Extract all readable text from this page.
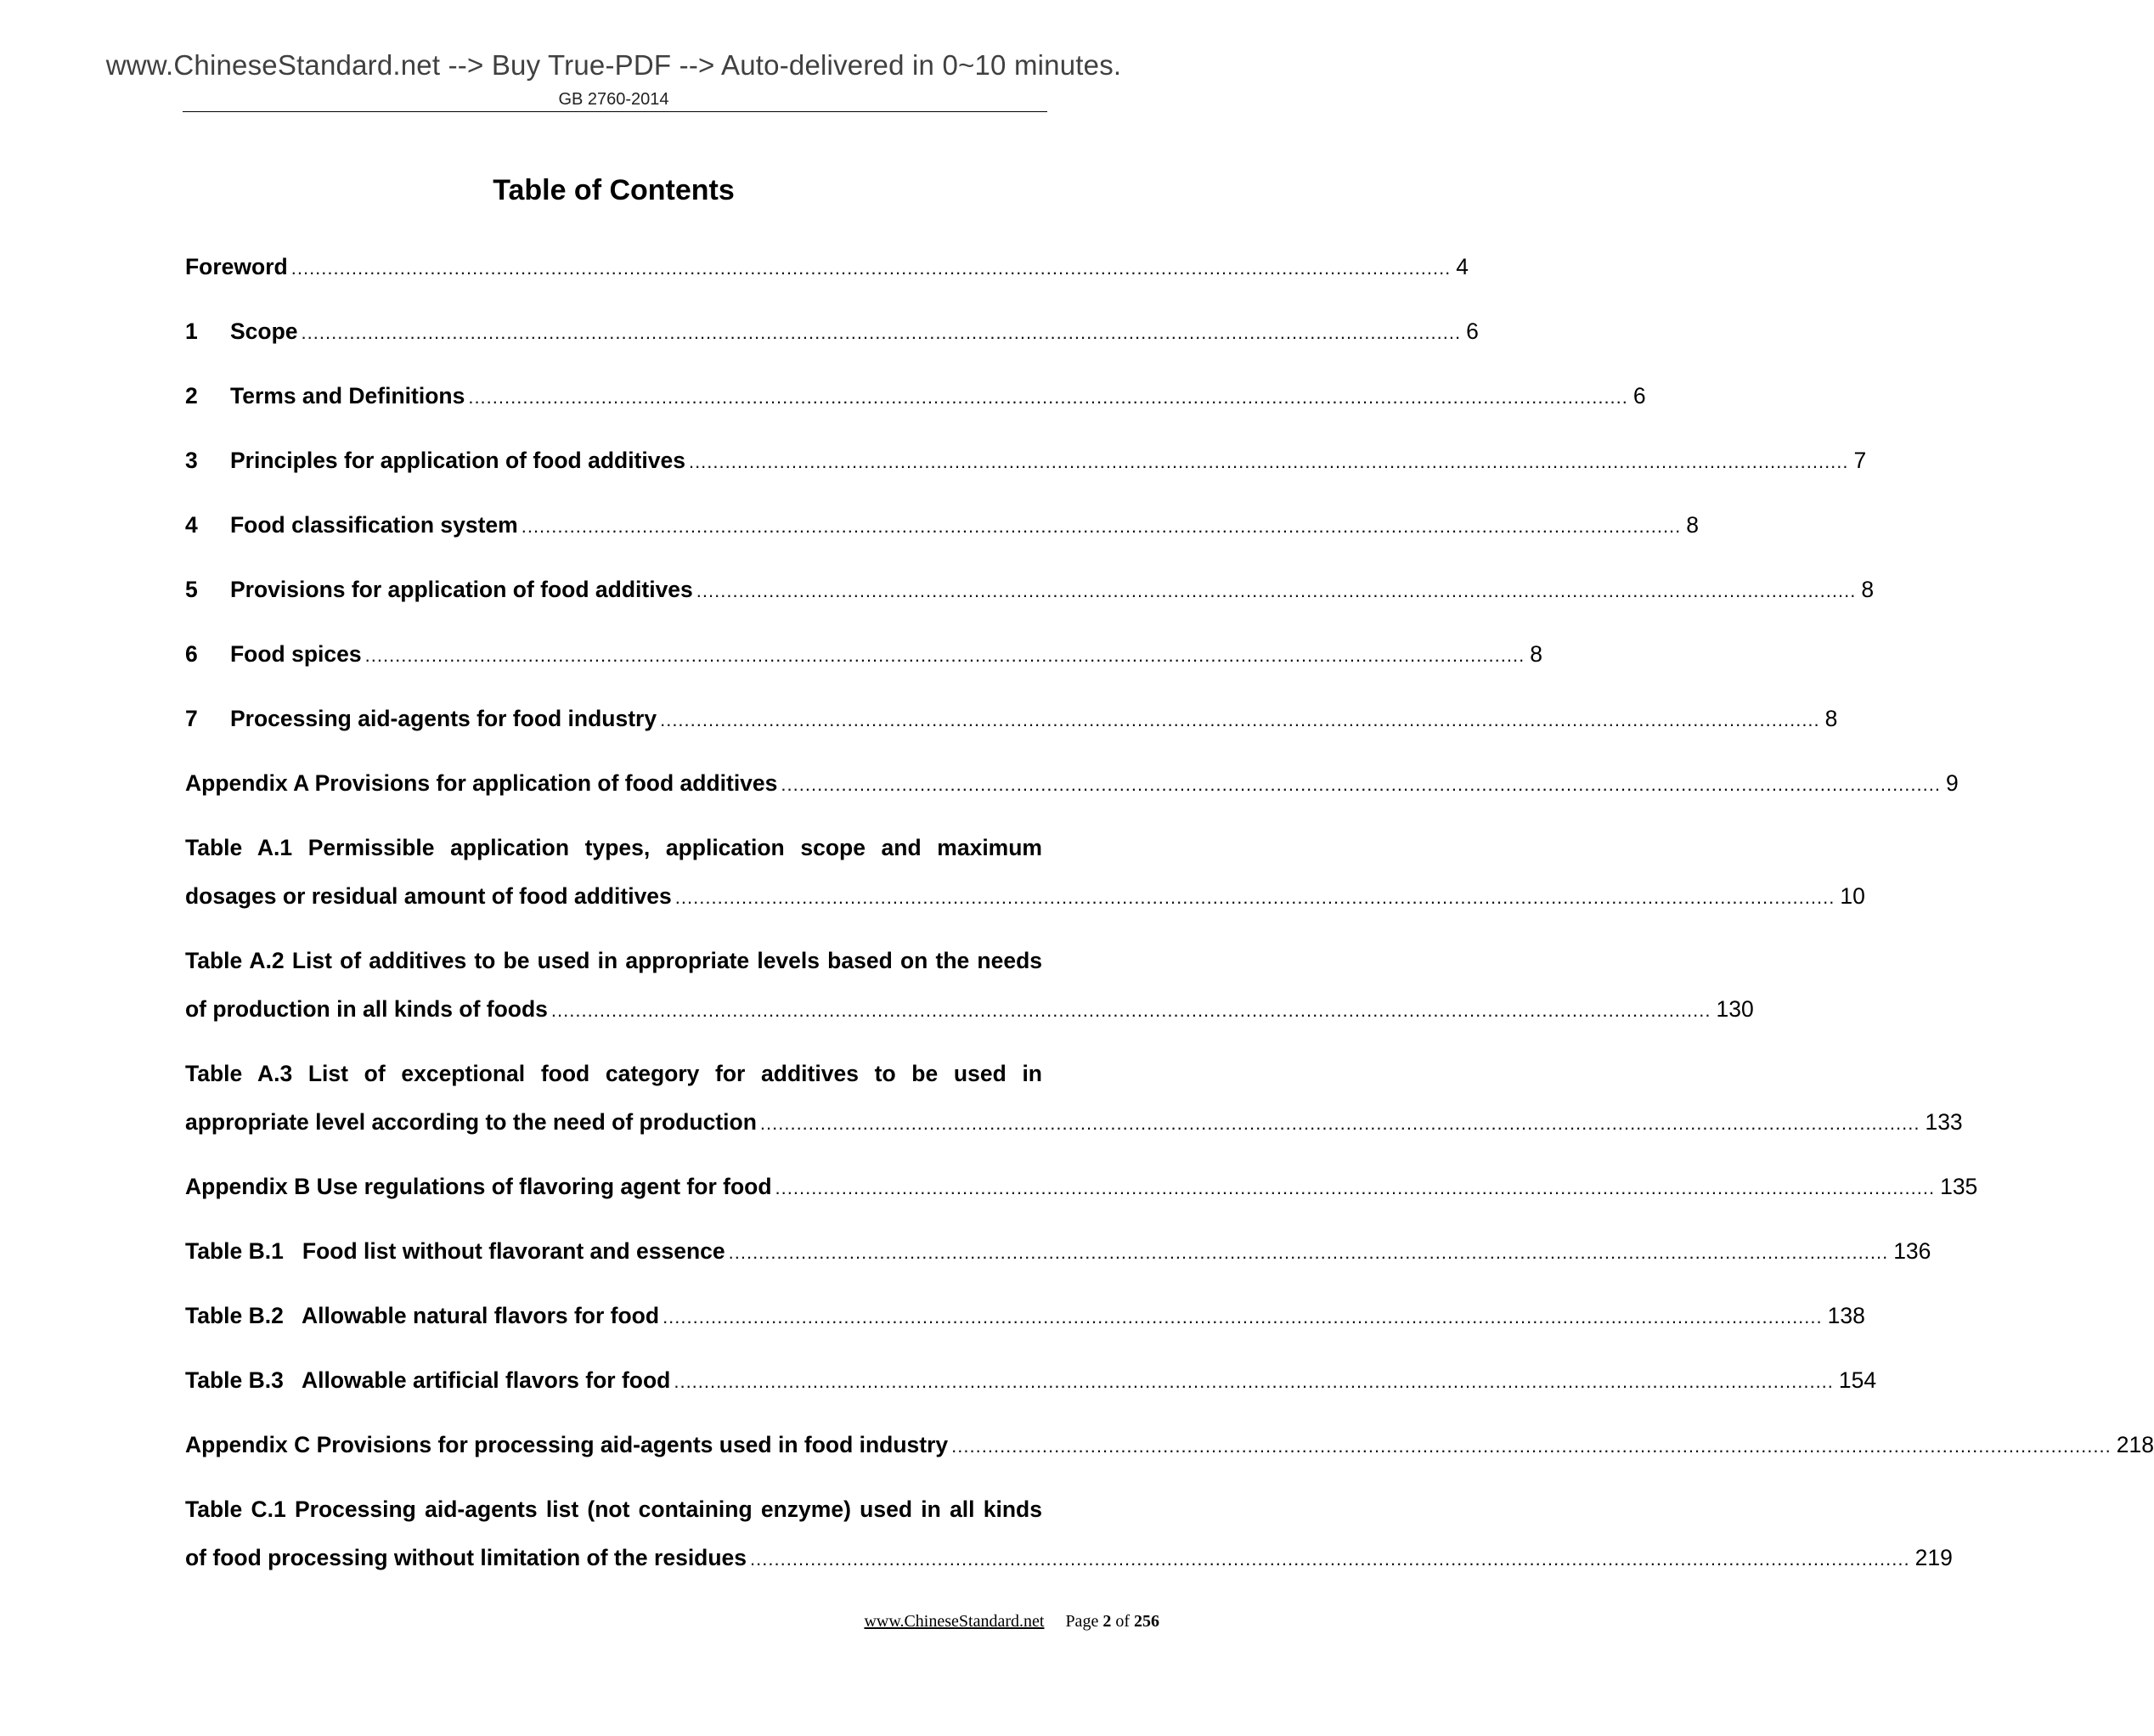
www.ChineseStandard.net --> Buy True-PDF --> Auto-delivered in 0~10 minutes.
GB 2760-2014
Table of Contents
Foreword ................................................................................................................................................................................................ 4
1	Scope ................................................................................................................................................................................................ 6
2	Terms and Definitions ................................................................................................................................................................................................ 6
3	Principles for application of food additives ................................................................................................................................................................................................ 7
4	Food classification system ................................................................................................................................................................................................ 8
5	Provisions for application of food additives ................................................................................................................................................................................................ 8
6	Food spices ................................................................................................................................................................................................ 8
7	Processing aid-agents for food industry ................................................................................................................................................................................................ 8
Appendix A Provisions for application of food additives ................................................................................................................................................................................................ 9
Table A.1 Permissible application types, application scope and maximum
dosages or residual amount of food additives ................................................................................................................................................................................................ 10
Table A.2 List of additives to be used in appropriate levels based on the needs
of production in all kinds of foods ................................................................................................................................................................................................ 130
Table A.3 List of exceptional food category for additives to be used in
appropriate level according to the need of production ................................................................................................................................................................................................ 133
Appendix B Use regulations of flavoring agent for food ................................................................................................................................................................................................ 135
Table B.1   Food list without flavorant and essence ................................................................................................................................................................................................ 136
Table B.2   Allowable natural flavors for food ................................................................................................................................................................................................ 138
Table B.3   Allowable artificial flavors for food ................................................................................................................................................................................................ 154
Appendix C Provisions for processing aid-agents used in food industry ................................................................................................................................................................................................ 218
Table C.1 Processing aid-agents list (not containing enzyme) used in all kinds
of food processing without limitation of the residues ................................................................................................................................................................................................ 219
www.ChineseStandard.net Page 2 of 256
